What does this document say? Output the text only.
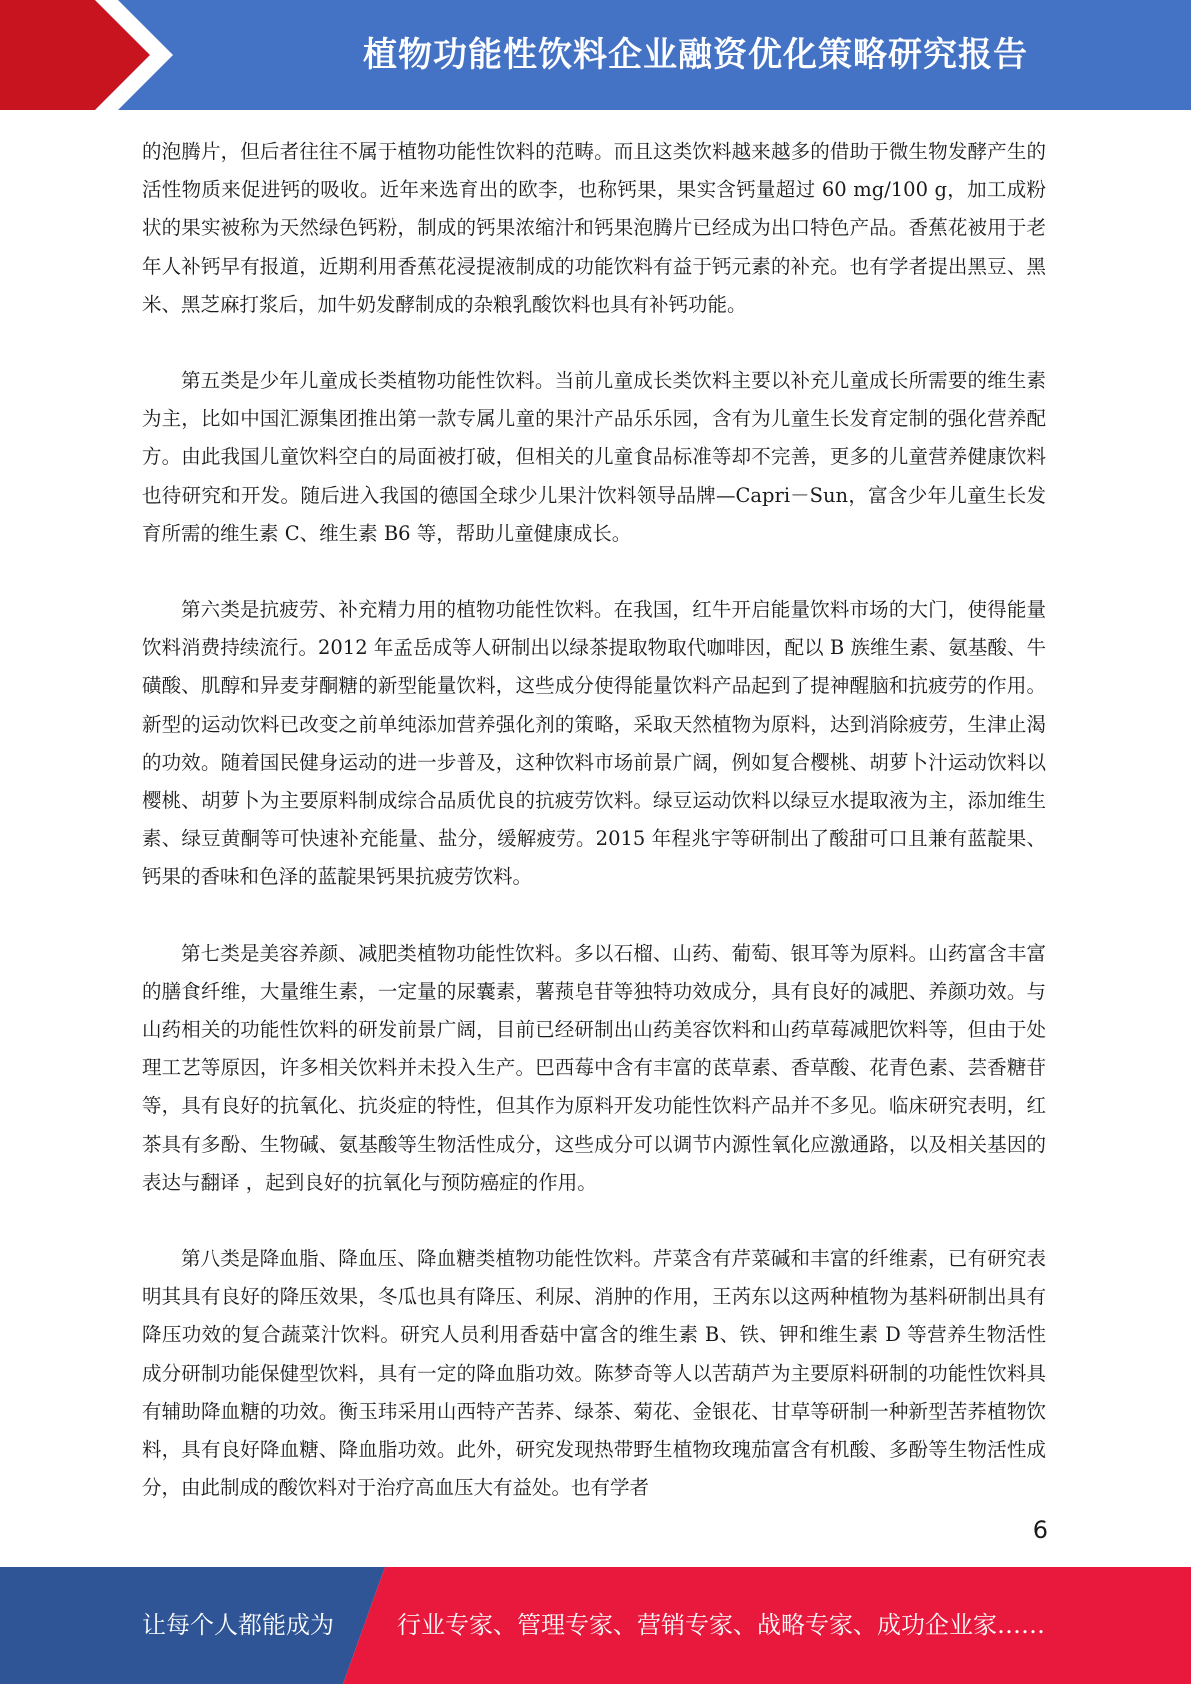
植物功能性饮料企业融资优化策略研究报告

的泡腾片，但后者往往不属于植物功能性饮料的范畴。而且这类饮料越来越多的借助于微生物发酵产生的活性物质来促进钙的吸收。近年来选育出的欧李，也称钙果，果实含钙量超过 60 mg/100 g，加工成粉状的果实被称为天然绿色钙粉，制成的钙果浓缩汁和钙果泡腾片已经成为出口特色产品。香蕉花被用于老年人补钙早有报道，近期利用香蕉花浸提液制成的功能饮料有益于钙元素的补充。也有学者提出黑豆、黑米、黑芝麻打浆后，加牛奶发酵制成的杂粮乳酸饮料也具有补钙功能。

第五类是少年儿童成长类植物功能性饮料。当前儿童成长类饮料主要以补充儿童成长所需要的维生素为主，比如中国汇源集团推出第一款专属儿童的果汁产品乐乐园，含有为儿童生长发育定制的强化营养配方。由此我国儿童饮料空白的局面被打破，但相关的儿童食品标准等却不完善，更多的儿童营养健康饮料也待研究和开发。随后进入我国的德国全球少儿果汁饮料领导品牌—Capri－Sun，富含少年儿童生长发育所需的维生素 C、维生素 B6 等，帮助儿童健康成长。

第六类是抗疲劳、补充精力用的植物功能性饮料。在我国，红牛开启能量饮料市场的大门，使得能量饮料消费持续流行。2012 年孟岳成等人研制出以绿茶提取物取代咖啡因，配以 B 族维生素、氨基酸、牛磺酸、肌醇和异麦芽酮糖的新型能量饮料，这些成分使得能量饮料产品起到了提神醒脑和抗疲劳的作用。新型的运动饮料已改变之前单纯添加营养强化剂的策略，采取天然植物为原料，达到消除疲劳，生津止渴的功效。随着国民健身运动的进一步普及，这种饮料市场前景广阔，例如复合樱桃、胡萝卜汁运动饮料以樱桃、胡萝卜为主要原料制成综合品质优良的抗疲劳饮料。绿豆运动饮料以绿豆水提取液为主，添加维生素、绿豆黄酮等可快速补充能量、盐分，缓解疲劳。2015 年程兆宇等研制出了酸甜可口且兼有蓝靛果、钙果的香味和色泽的蓝靛果钙果抗疲劳饮料。

第七类是美容养颜、减肥类植物功能性饮料。多以石榴、山药、葡萄、银耳等为原料。山药富含丰富的膳食纤维，大量维生素，一定量的尿囊素，薯蓣皂苷等独特功效成分，具有良好的减肥、养颜功效。与山药相关的功能性饮料的研发前景广阔，目前已经研制出山药美容饮料和山药草莓减肥饮料等，但由于处理工艺等原因，许多相关饮料并未投入生产。巴西莓中含有丰富的茋草素、香草酸、花青色素、芸香糖苷等，具有良好的抗氧化、抗炎症的特性，但其作为原料开发功能性饮料产品并不多见。临床研究表明，红茶具有多酚、生物碱、氨基酸等生物活性成分，这些成分可以调节内源性氧化应激通路，以及相关基因的表达与翻译 ，起到良好的抗氧化与预防癌症的作用。

第八类是降血脂、降血压、降血糖类植物功能性饮料。芹菜含有芹菜碱和丰富的纤维素，已有研究表明其具有良好的降压效果，冬瓜也具有降压、利尿、消肿的作用，王芮东以这两种植物为基料研制出具有降压功效的复合蔬菜汁饮料。研究人员利用香菇中富含的维生素 B、铁、钾和维生素 D 等营养生物活性成分研制功能保健型饮料，具有一定的降血脂功效。陈梦奇等人以苦葫芦为主要原料研制的功能性饮料具有辅助降血糖的功效。衡玉玮采用山西特产苦荞、绿茶、菊花、金银花、甘草等研制一种新型苦荞植物饮料，具有良好降血糖、降血脂功效。此外，研究发现热带野生植物玫瑰茄富含有机酸、多酚等生物活性成分，由此制成的酸饮料对于治疗高血压大有益处。也有学者

6
让每个人都能成为	行业专家、管理专家、营销专家、战略专家、成功企业家……
